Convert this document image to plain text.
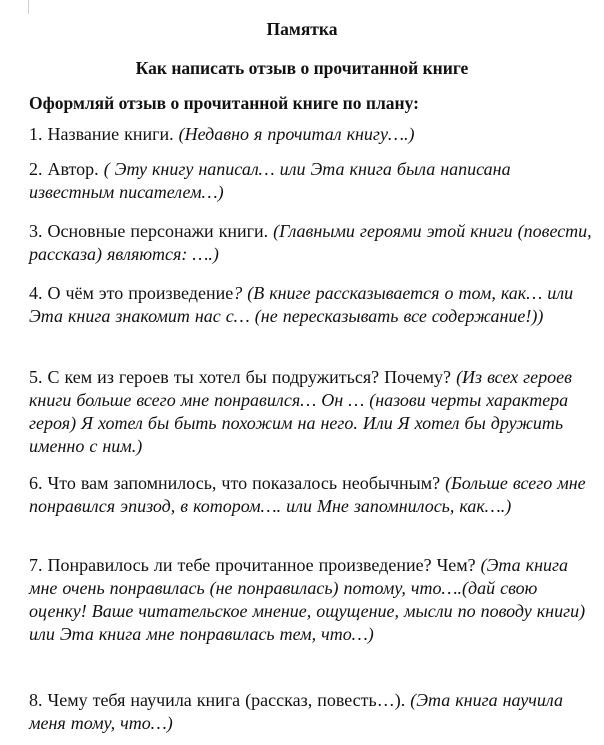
Памятка
Как написать отзыв о прочитанной книге
Оформляй отзыв о прочитанной книге по плану:
1. Название книги. (Недавно я прочитал книгу….)
2. Автор. ( Эту книгу написал… или Эта книга была написана известным писателем…)
3. Основные персонажи книги. (Главными героями этой книги (повести, рассказа) являются: ….)
4. О чём это произведение? (В книге рассказывается о том, как… или Эта книга знакомит нас с… (не пересказывать все содержание!))
5. С кем из героев ты хотел бы подружиться? Почему? (Из всех героев книги больше всего мне понравился… Он … (назови черты характера героя) Я хотел бы быть похожим на него. Или Я хотел бы дружить именно с ним.)
6. Что вам запомнилось, что показалось необычным? (Больше всего мне понравился эпизод, в котором…. или Мне запомнилось, как….)
7. Понравилось ли тебе прочитанное произведение? Чем? (Эта книга мне очень понравилась (не понравилась) потому, что….(дай свою оценку! Ваше читательское мнение, ощущение, мысли по поводу книги) или Эта книга мне понравилась тем, что…)
8. Чему тебя научила книга (рассказ, повесть…). (Эта книга научила меня тому, что…)
